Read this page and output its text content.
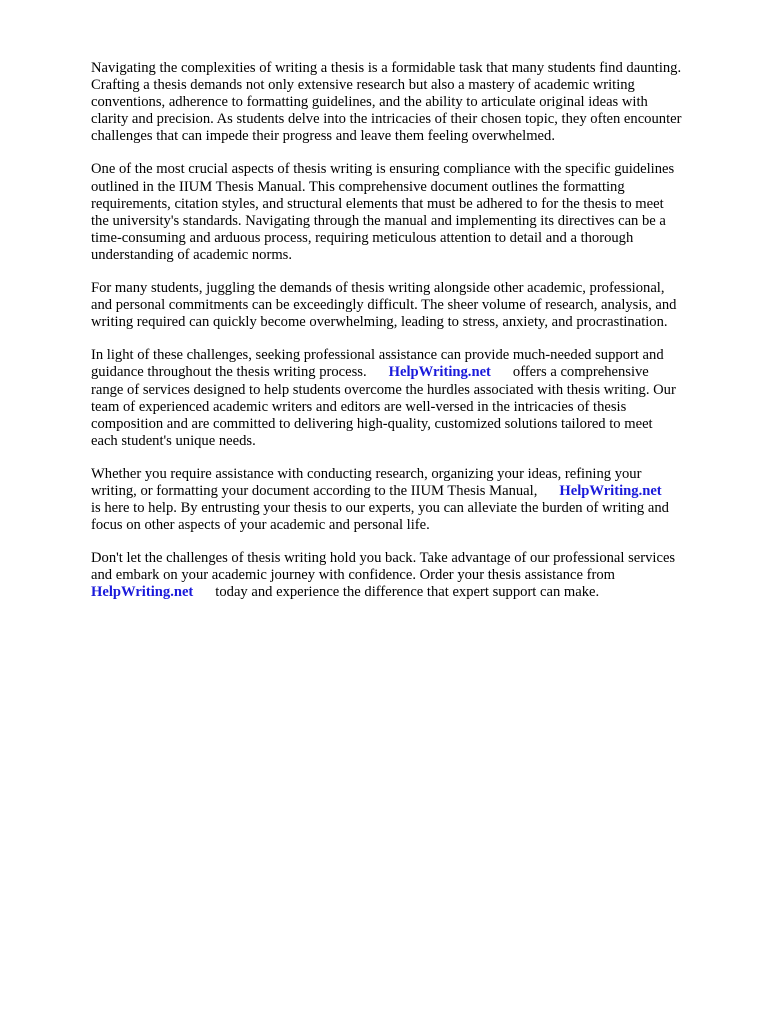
Navigating the complexities of writing a thesis is a formidable task that many students find daunting.
Crafting a thesis demands not only extensive research but also a mastery of academic writing
conventions, adherence to formatting guidelines, and the ability to articulate original ideas with
clarity and precision. As students delve into the intricacies of their chosen topic, they often encounter
challenges that can impede their progress and leave them feeling overwhelmed.

One of the most crucial aspects of thesis writing is ensuring compliance with the specific guidelines
outlined in the IIUM Thesis Manual. This comprehensive document outlines the formatting
requirements, citation styles, and structural elements that must be adhered to for the thesis to meet
the university's standards. Navigating through the manual and implementing its directives can be a
time-consuming and arduous process, requiring meticulous attention to detail and a thorough
understanding of academic norms.

For many students, juggling the demands of thesis writing alongside other academic, professional,
and personal commitments can be exceedingly difficult. The sheer volume of research, analysis, and
writing required can quickly become overwhelming, leading to stress, anxiety, and procrastination.

In light of these challenges, seeking professional assistance can provide much-needed support and
guidance throughout the thesis writing process. HelpWriting.net offers a comprehensive
range of services designed to help students overcome the hurdles associated with thesis writing. Our
team of experienced academic writers and editors are well-versed in the intricacies of thesis
composition and are committed to delivering high-quality, customized solutions tailored to meet
each student's unique needs.

Whether you require assistance with conducting research, organizing your ideas, refining your
writing, or formatting your document according to the IIUM Thesis Manual, HelpWriting.net
is here to help. By entrusting your thesis to our experts, you can alleviate the burden of writing and
focus on other aspects of your academic and personal life.

Don't let the challenges of thesis writing hold you back. Take advantage of our professional services
and embark on your academic journey with confidence. Order your thesis assistance from
HelpWriting.net today and experience the difference that expert support can make.
